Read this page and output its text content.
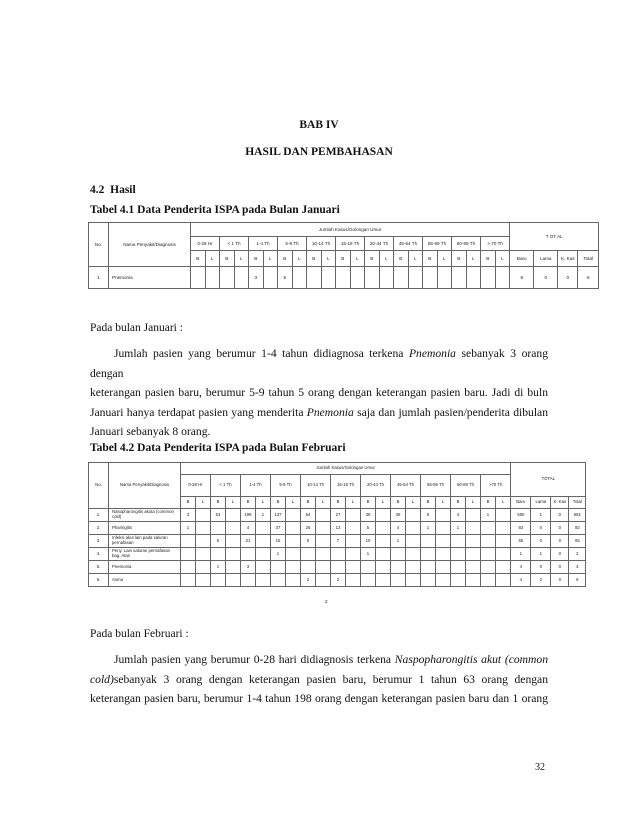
BAB IV
HASIL DAN PEMBAHASAN
4.2  Hasil
Tabel 4.1 Data Penderita ISPA pada Bulan Januari
No.	Nama Penyakit/Diagnosis	Jumlah Kasus/Golongan Umur																						T OT AL			
		0-28 Hr		< 1 Th		1-4 Th		5-9 Th		10-14 Th		15-19 Th		20-44 Th		45-54 Th		55-59 Th		60-69 Th		> 70 Th					
		B	L	B	L	B	L	B	L	B	L	B	L	B	L	B	L	B	L	B	L	B	L	Baru	Lama	K. Kas	Total
1	Pnemonia					3		5																8	0	0	8
Pada bulan Januari :
Jumlah pasien yang berumur 1-4 tahun didiagnosa terkena Pnemonia sebanyak 3 orang dengan
keterangan pasien baru, berumur 5-9 tahun 5 orang dengan keterangan pasien baru. Jadi di buln
Januari hanya terdapat pasien yang menderita Pnemonia saja dan jumlah pasien/penderita dibulan
Januari sebanyak 8 orang.
Tabel 4.2 Data Penderita ISPA pada Bulan Februari
No.	Nama Penyakit/Diagnosis	Jumlah Kasus/Golongan Umur																						TOTAL			
		0-28 Hr		< 1 Th		1-4 Th		5-9 Th		10-14 Th		15-19 Th		20-44 Th		45-54 Th		55-59 Th		60-69 Th		>70 Th					
		B	L	B	L	B	L	B	L	B	L	B	L	B	L	B	L	B	L	B	L	B	L	Baru	Lama	K. Kas	Total
1.	Nasopharongitis akuta (common cold)	3		63		198	1	137		64		27		39		39		5		4		1		580	1	0	581
2.	Pharingitis	1				4		37		26		13		5		4		1		1				92	0	0	92
3.	Infeksi akut lain pada saluran pernafasan			6		21		15		5		7		10		1								65	0	0	65
4.	Peny. Lain saluran pernafasan bag. Atas							1						1										1	1	0	2
5.	Pnemonia			1		3																		4	0	0	4
6.	Asma									2		2												4	2	0	6
Pada bulan Februari :
Jumlah pasien yang berumur 0-28 hari didiagnosis terkena Naspopharongitis akut (common
cold)sebanyak 3 orang dengan keterangan pasien baru, berumur 1 tahun 63 orang dengan
keterangan pasien baru, berumur 1-4 tahun 198 orang dengan keterangan pasien baru dan 1 orang
32
2
